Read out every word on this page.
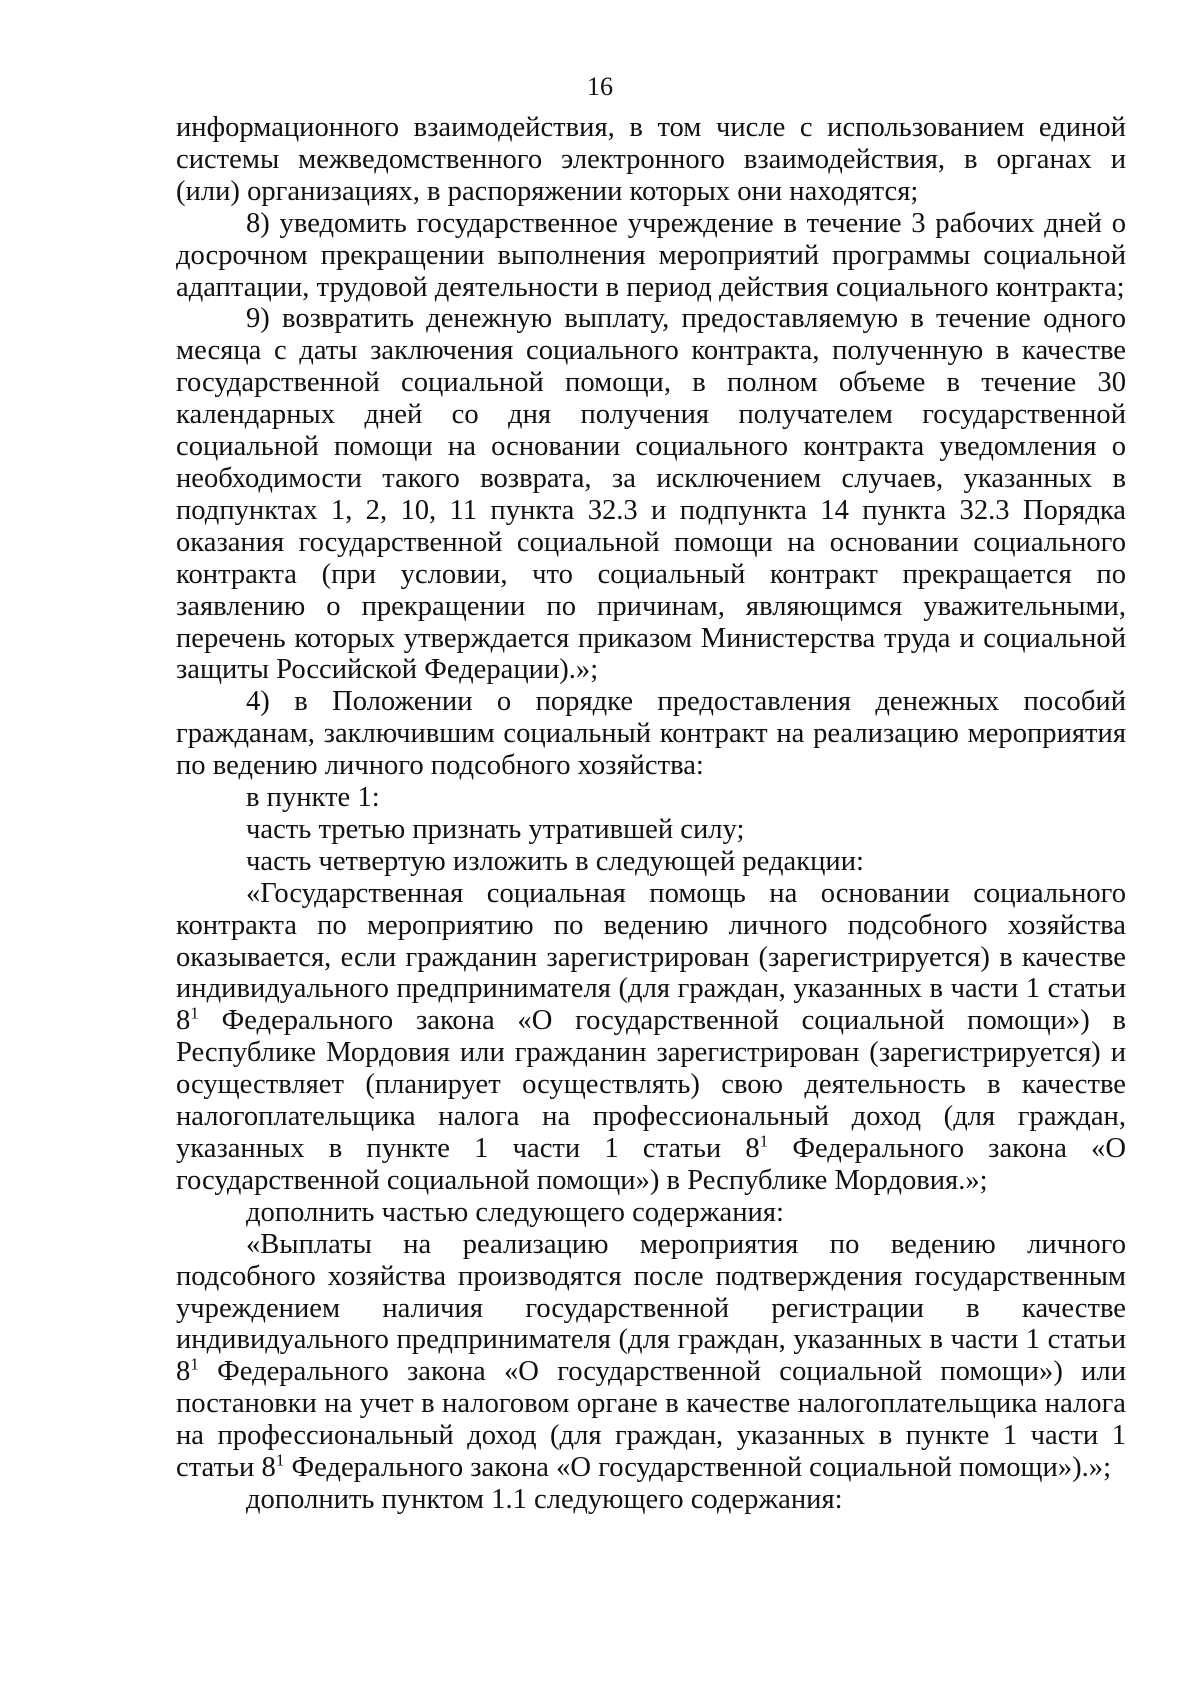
16

информационного взаимодействия, в том числе с использованием единой системы межведомственного электронного взаимодействия, в органах и (или) организациях, в распоряжении которых они находятся;

8) уведомить государственное учреждение в течение 3 рабочих дней о досрочном прекращении выполнения мероприятий программы социальной адаптации, трудовой деятельности в период действия социального контракта;

9) возвратить денежную выплату, предоставляемую в течение одного месяца с даты заключения социального контракта, полученную в качестве государственной социальной помощи, в полном объеме в течение 30 календарных дней со дня получения получателем государственной социальной помощи на основании социального контракта уведомления о необходимости такого возврата, за исключением случаев, указанных в подпунктах 1, 2, 10, 11 пункта 32.3 и подпункта 14 пункта 32.3 Порядка оказания государственной социальной помощи на основании социального контракта (при условии, что социальный контракт прекращается по заявлению о прекращении по причинам, являющимся уважительными, перечень которых утверждается приказом Министерства труда и социальной защиты Российской Федерации).»;

4) в Положении о порядке предоставления денежных пособий гражданам, заключившим социальный контракт на реализацию мероприятия по ведению личного подсобного хозяйства:

в пункте 1:

часть третью признать утратившей силу;

часть четвертую изложить в следующей редакции:

«Государственная социальная помощь на основании социального контракта по мероприятию по ведению личного подсобного хозяйства оказывается, если гражданин зарегистрирован (зарегистрируется) в качестве индивидуального предпринимателя (для граждан, указанных в части 1 статьи $8^1$ Федерального закона «О государственной социальной помощи») в Республике Мордовия или гражданин зарегистрирован (зарегистрируется) и осуществляет (планирует осуществлять) свою деятельность в качестве налогоплательщика налога на профессиональный доход (для граждан, указанных в пункте 1 части 1 статьи $8^1$ Федерального закона «О государственной социальной помощи») в Республике Мордовия.»;

дополнить частью следующего содержания:

«Выплаты на реализацию мероприятия по ведению личного подсобного хозяйства производятся после подтверждения государственным учреждением наличия государственной регистрации в качестве индивидуального предпринимателя (для граждан, указанных в части 1 статьи $8^1$ Федерального закона «О государственной социальной помощи») или постановки на учет в налоговом органе в качестве налогоплательщика налога на профессиональный доход (для граждан, указанных в пункте 1 части 1 статьи $8^1$ Федерального закона «О государственной социальной помощи»).»;

дополнить пунктом 1.1 следующего содержания:
